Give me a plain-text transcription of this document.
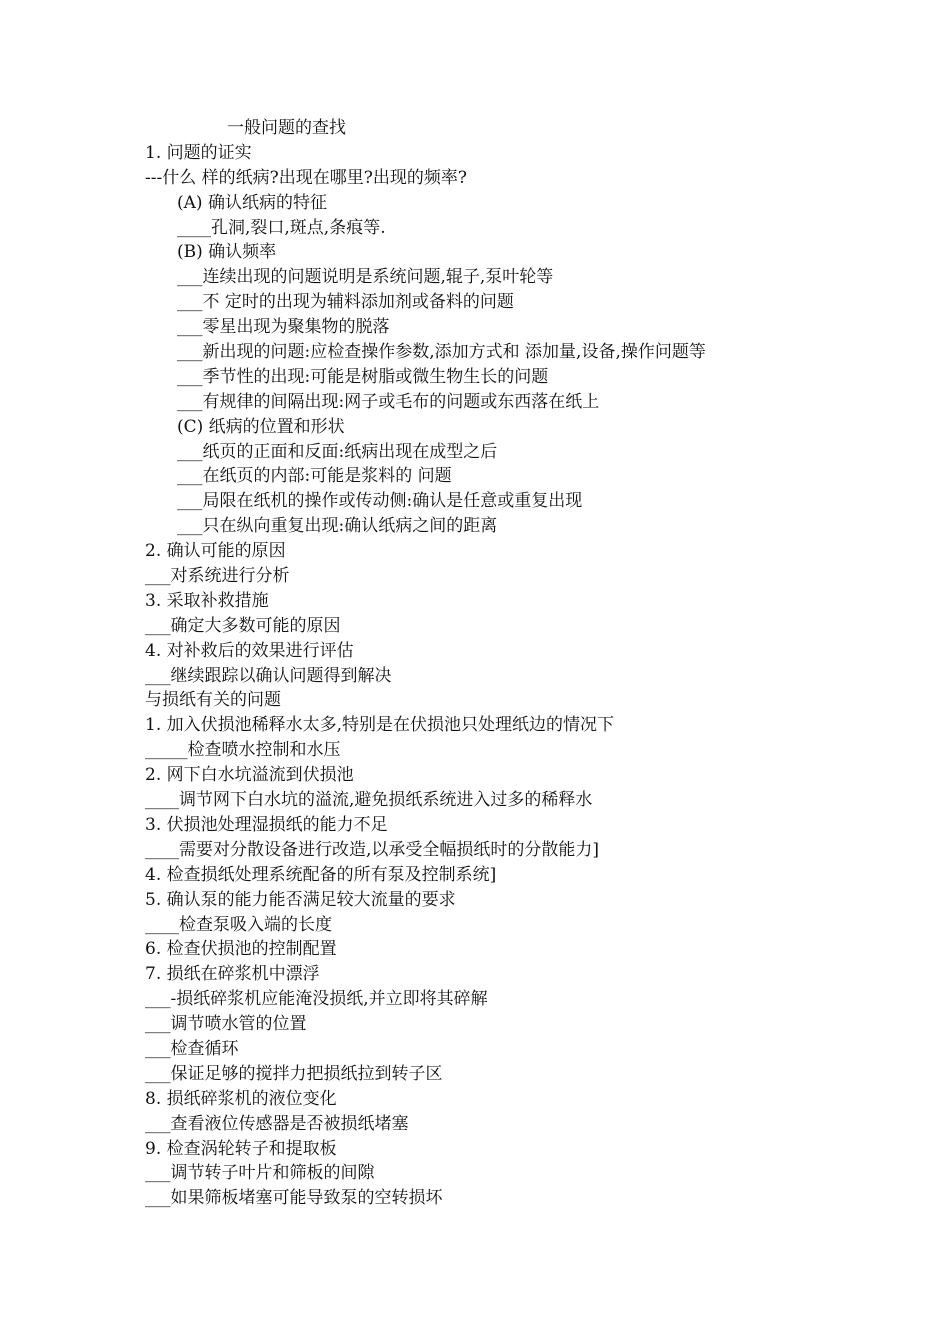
一般问题的查找
1. 问题的证实
---什么 样的纸病?出现在哪里?出现的频率?
(A) 确认纸病的特征
____孔洞,裂口,斑点,条痕等.
(B) 确认频率
___连续出现的问题说明是系统问题,辊子,泵叶轮等
___不 定时的出现为辅料添加剂或备料的问题
___零星出现为聚集物的脱落
___新出现的问题:应检查操作参数,添加方式和 添加量,设备,操作问题等
___季节性的出现:可能是树脂或微生物生长的问题
___有规律的间隔出现:网子或毛布的问题或东西落在纸上
(C) 纸病的位置和形状
___纸页的正面和反面:纸病出现在成型之后
___在纸页的内部:可能是浆料的 问题
___局限在纸机的操作或传动侧:确认是任意或重复出现
___只在纵向重复出现:确认纸病之间的距离
2. 确认可能的原因
___对系统进行分析
3. 采取补救措施
___确定大多数可能的原因
4. 对补救后的效果进行评估
___继续跟踪以确认问题得到解决
与损纸有关的问题
1. 加入伏损池稀释水太多,特别是在伏损池只处理纸边的情况下
_____检查喷水控制和水压
2. 网下白水坑溢流到伏损池
____调节网下白水坑的溢流,避免损纸系统进入过多的稀释水
3. 伏损池处理湿损纸的能力不足
____需要对分散设备进行改造,以承受全幅损纸时的分散能力]
4. 检查损纸处理系统配备的所有泵及控制系统]
5. 确认泵的能力能否满足较大流量的要求
____检查泵吸入端的长度
6. 检查伏损池的控制配置
7. 损纸在碎浆机中漂浮
___-损纸碎浆机应能淹没损纸,并立即将其碎解
___调节喷水管的位置
___检查循环
___保证足够的搅拌力把损纸拉到转子区
8. 损纸碎浆机的液位变化
___查看液位传感器是否被损纸堵塞
9. 检查涡轮转子和提取板
___调节转子叶片和筛板的间隙
___如果筛板堵塞可能导致泵的空转损坏
